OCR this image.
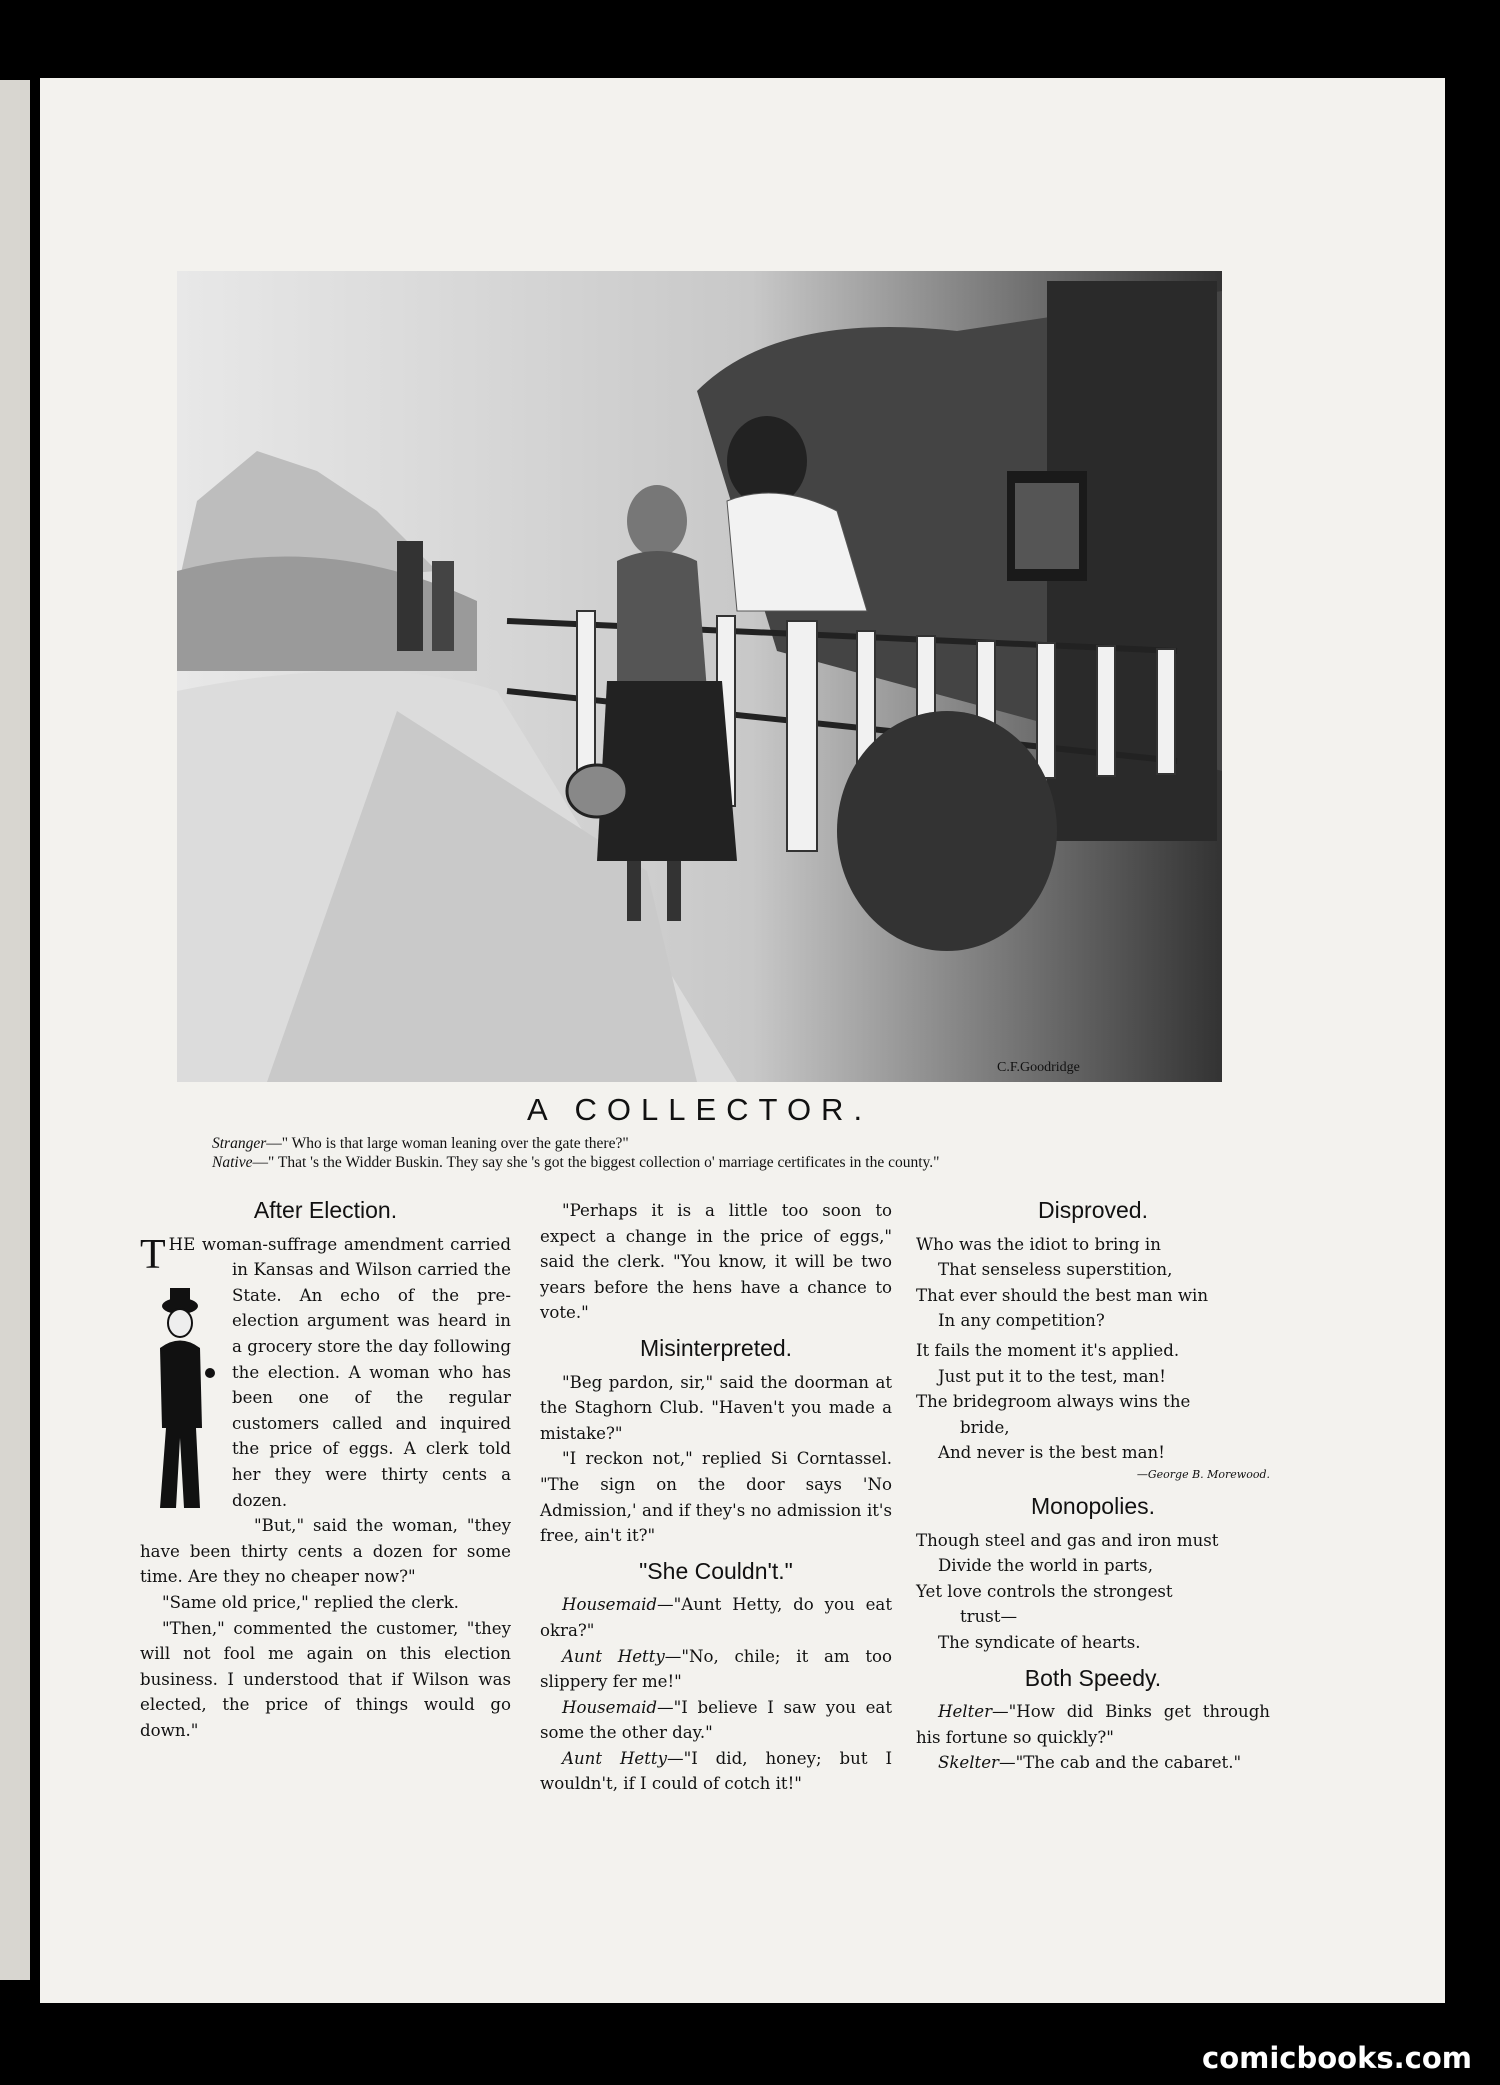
C.F.Goodridge
A COLLECTOR.
Stranger—" Who is that large woman leaning over the gate there?"
Native—" That 's the Widder Buskin. They say she 's got the biggest collection o' marriage certificates in the county."
After Election.
T HE woman-suffrage amendment carried in Kansas and Wilson carried the State. An echo of the pre-election argument was heard in a grocery store the day following the election. A woman who has been one of the regular customers called and inquired the price of eggs. A clerk told her they were thirty cents a dozen.

"But," said the woman, "they have been thirty cents a dozen for some time. Are they no cheaper now?"

"Same old price," replied the clerk.

"Then," commented the customer, "they will not fool me again on this election business. I understood that if Wilson was elected, the price of things would go down."

"Perhaps it is a little too soon to expect a change in the price of eggs," said the clerk. "You know, it will be two years before the hens have a chance to vote."

Misinterpreted.

"Beg pardon, sir," said the doorman at the Staghorn Club. "Haven't you made a mistake?"

"I reckon not," replied Si Corntassel. "The sign on the door says 'No Admission,' and if they's no admission it's free, ain't it?"

"She Couldn't."

Housemaid—"Aunt Hetty, do you eat okra?"

Aunt Hetty—"No, chile; it am too slippery fer me!"

Housemaid—"I believe I saw you eat some the other day."

Aunt Hetty—"I did, honey; but I wouldn't, if I could of cotch it!"

Disproved.

Who was the idiot to bring in

That senseless superstition,

That ever should the best man win

In any competition?

It fails the moment it's applied.

Just put it to the test, man!

The bridegroom always wins the

bride,

And never is the best man!

—George B. Morewood.

Monopolies.

Though steel and gas and iron must

Divide the world in parts,

Yet love controls the strongest

trust—

The syndicate of hearts.

Both Speedy.

Helter—"How did Binks get through his fortune so quickly?"

Skelter—"The cab and the cabaret."

comicbooks.com
